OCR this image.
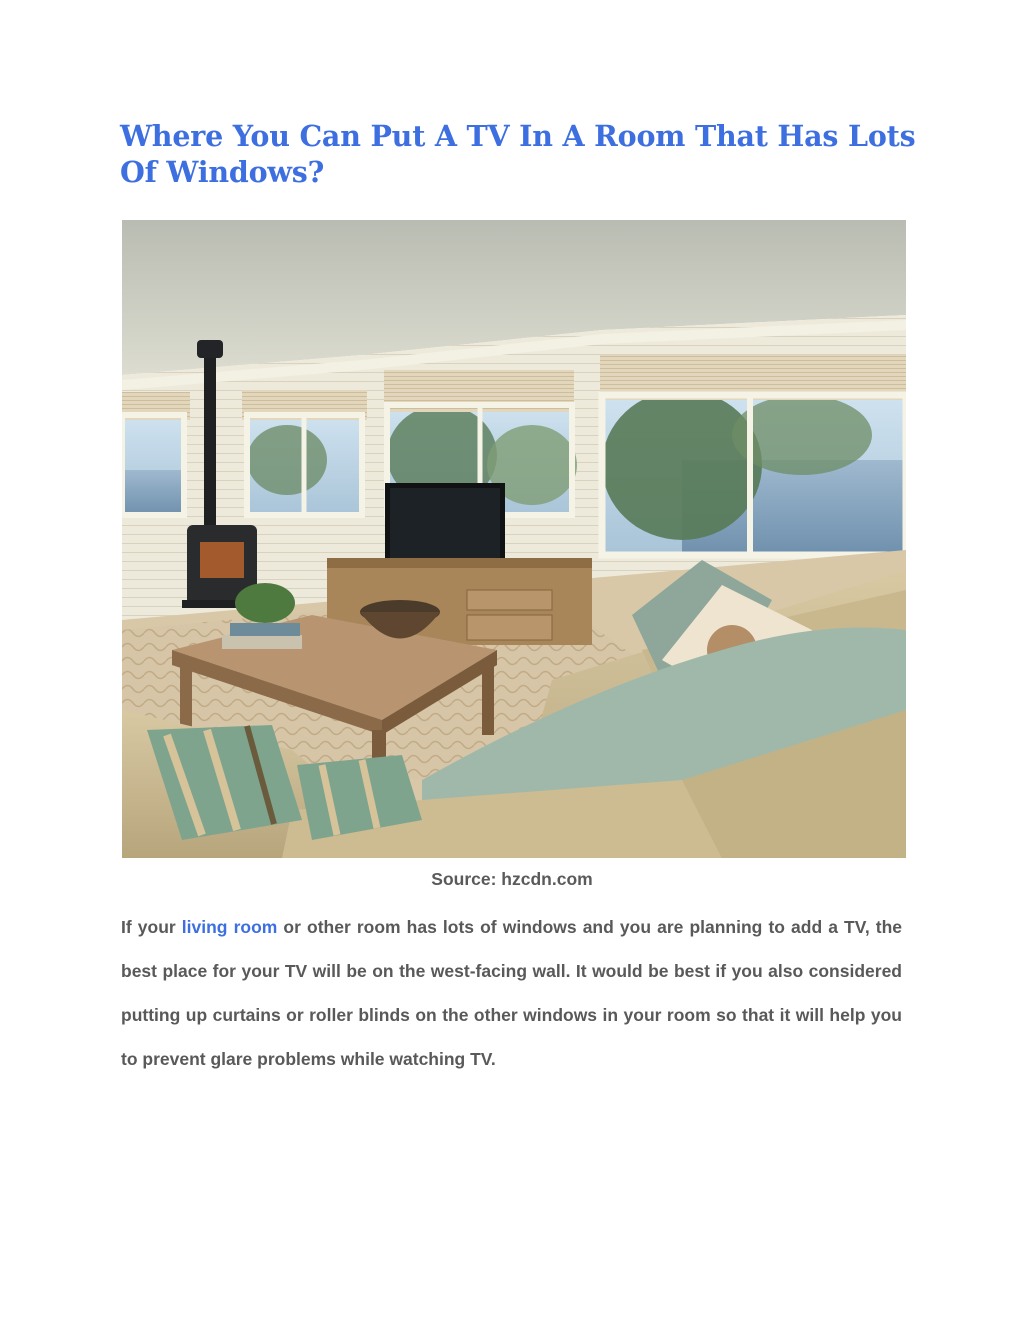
Where You Can Put A TV In A Room That Has Lots Of Windows?
Source: hzcdn.com

If your living room or other room has lots of windows and you are planning to add a TV, the best place for your TV will be on the west-facing wall. It would be best if you also considered putting up curtains or roller blinds on the other windows in your room so that it will help you to prevent glare problems while watching TV.
